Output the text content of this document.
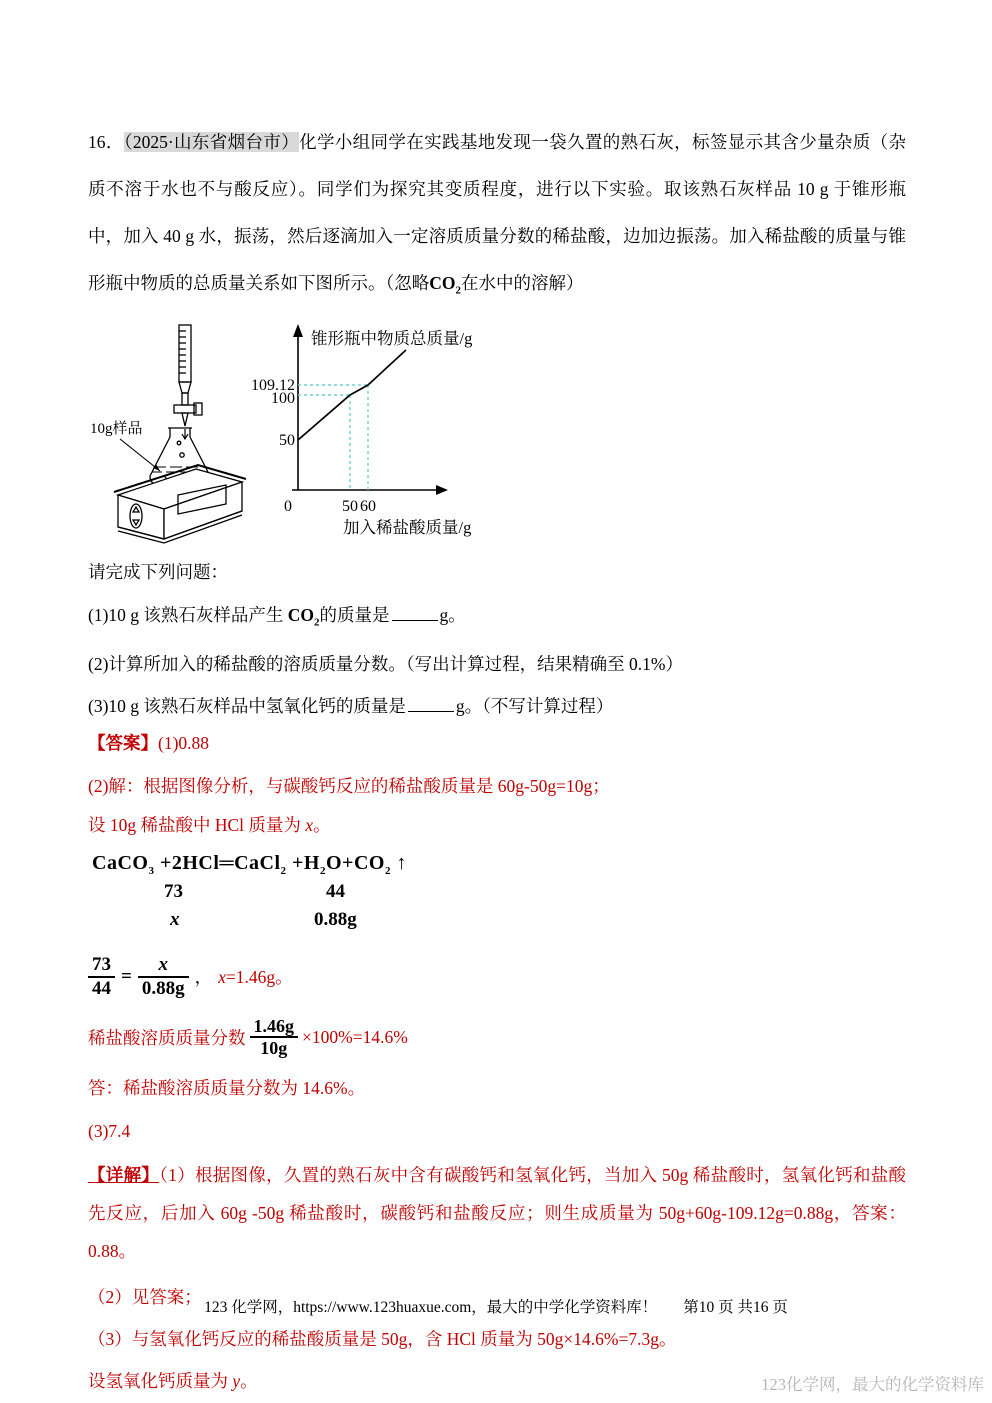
16．（2025·山东省烟台市）化学小组同学在实践基地发现一袋久置的熟石灰，标签显示其含少量杂质（杂质不溶于水也不与酸反应）。同学们为探究其变质程度，进行以下实验。取该熟石灰样品 10 g 于锥形瓶中，加入 40 g 水，振荡，然后逐滴加入一定溶质质量分数的稀盐酸，边加边振荡。加入稀盐酸的质量与锥形瓶中物质的总质量关系如下图所示。（忽略$CO_2$在水中的溶解）
10g样品
锥形瓶中物质总质量/g
109.12
100
50
0	50 60
加入稀盐酸质量/g
请完成下列问题：
(1)10 g 该熟石灰样品产生 $CO_2$的质量是	g。
(2)计算所加入的稀盐酸的溶质质量分数。（写出计算过程，结果精确至 0.1%）
(3)10 g 该熟石灰样品中氢氧化钙的质量是	g。（不写计算过程）
【答案】(1)0.88
(2)解：根据图像分析，与碳酸钙反应的稀盐酸质量是 60g-50g=10g；
设 10g 稀盐酸中 HCl 质量为 x。
CaCO$_3$ +2HCl═CaCl$_2$ $+H_2O+CO_2$ ↑
73	44
x	0.88g
$\frac{73}{44} = \frac{x}{0.88g}$ ， x=1.46g。
稀盐酸溶质质量分数 $\frac{1.46g}{10g} \times 100\%=14.6\%$
答：稀盐酸溶质质量分数为 14.6%。
(3)7.4
【详解】（1）根据图像，久置的熟石灰中含有碳酸钙和氢氧化钙，当加入 50g 稀盐酸时，氢氧化钙和盐酸先反应，后加入 60g -50g 稀盐酸时，碳酸钙和盐酸反应；则生成质量为 50g+60g-109.12g=0.88g，答案： 0.88。
（2）见答案；
（3）与氢氧化钙反应的稀盐酸质量是 50g，含 HCl 质量为 50g×14.6%=7.3g。
设氢氧化钙质量为 y。
123 化学网，https://www.123huaxue.com，最大的中学化学资料库！ 第10 页 共16 页
123化学网，最大的化学资料库
